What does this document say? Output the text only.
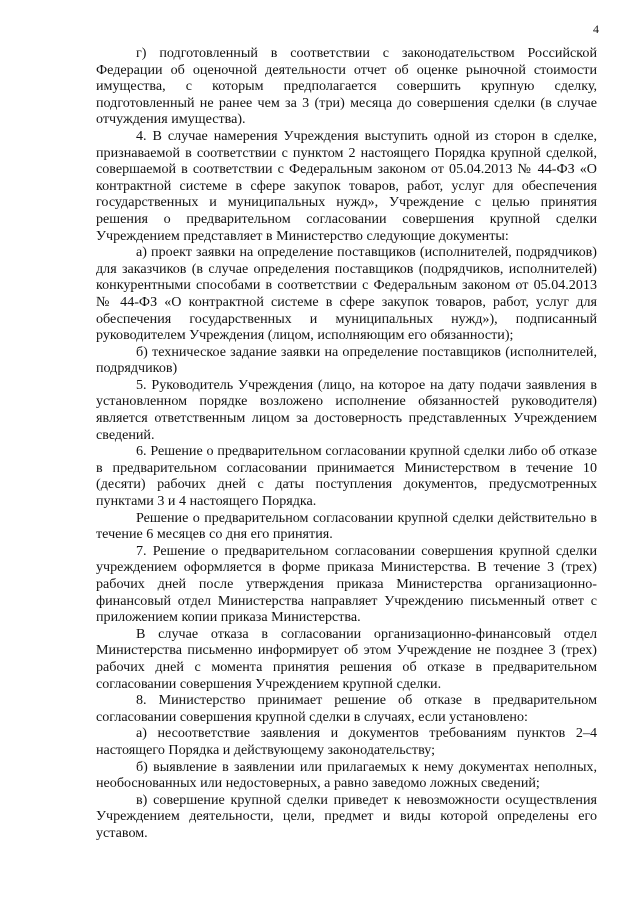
4

г) подготовленный в соответствии с законодательством Российской Федерации об оценочной деятельности отчет об оценке рыночной стоимости имущества, с которым предполагается совершить крупную сделку, подготовленный не ранее чем за 3 (три) месяца до совершения сделки (в случае отчуждения имущества).

4. В случае намерения Учреждения выступить одной из сторон в сделке, признаваемой в соответствии с пунктом 2 настоящего Порядка крупной сделкой, совершаемой в соответствии с Федеральным законом от 05.04.2013 № 44-ФЗ «О контрактной системе в сфере закупок товаров, работ, услуг для обеспечения государственных и муниципальных нужд», Учреждение с целью принятия решения о предварительном согласовании совершения крупной сделки Учреждением представляет в Министерство следующие документы:

а) проект заявки на определение поставщиков (исполнителей, подрядчиков) для заказчиков (в случае определения поставщиков (подрядчиков, исполнителей) конкурентными способами в соответствии с Федеральным законом от 05.04.2013 № 44-ФЗ «О контрактной системе в сфере закупок товаров, работ, услуг для обеспечения государственных и муниципальных нужд»), подписанный руководителем Учреждения (лицом, исполняющим его обязанности);

б) техническое задание заявки на определение поставщиков (исполнителей, подрядчиков)

5. Руководитель Учреждения (лицо, на которое на дату подачи заявления в установленном порядке возложено исполнение обязанностей руководителя) является ответственным лицом за достоверность представленных Учреждением сведений.

6. Решение о предварительном согласовании крупной сделки либо об отказе в предварительном согласовании принимается Министерством в течение 10 (десяти) рабочих дней с даты поступления документов, предусмотренных пунктами 3 и 4 настоящего Порядка.

Решение о предварительном согласовании крупной сделки действительно в течение 6 месяцев со дня его принятия.

7. Решение о предварительном согласовании совершения крупной сделки учреждением оформляется в форме приказа Министерства. В течение 3 (трех) рабочих дней после утверждения приказа Министерства организационно-финансовый отдел Министерства направляет Учреждению письменный ответ с приложением копии приказа Министерства.

В случае отказа в согласовании организационно-финансовый отдел Министерства письменно информирует об этом Учреждение не позднее 3 (трех) рабочих дней с момента принятия решения об отказе в предварительном согласовании совершения Учреждением крупной сделки.

8. Министерство принимает решение об отказе в предварительном согласовании совершения крупной сделки в случаях, если установлено:

а) несоответствие заявления и документов требованиям пунктов 2–4 настоящего Порядка и действующему законодательству;

б) выявление в заявлении или прилагаемых к нему документах неполных, необоснованных или недостоверных, а равно заведомо ложных сведений;

в) совершение крупной сделки приведет к невозможности осуществления Учреждением деятельности, цели, предмет и виды которой определены его уставом.
